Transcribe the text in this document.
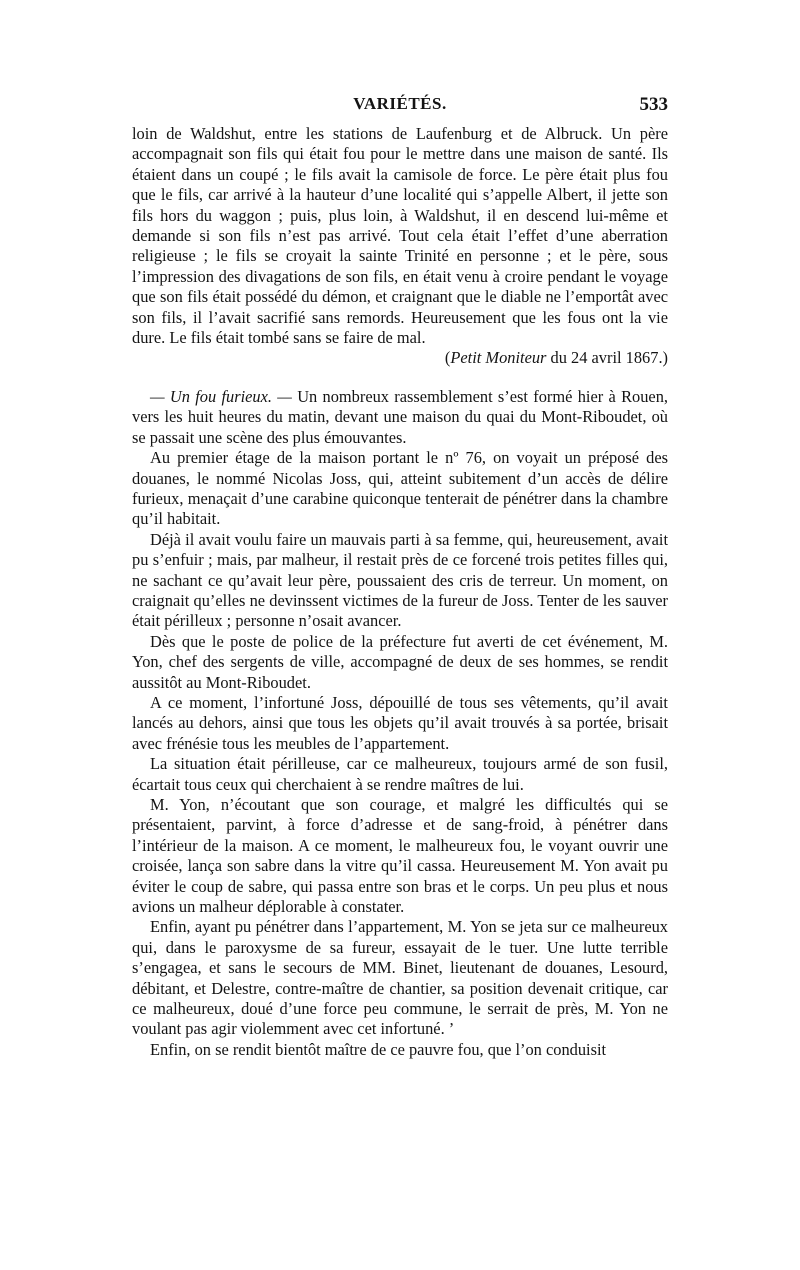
VARIÉTÉS.	533

loin de Waldshut, entre les stations de Laufenburg et de Albruck. Un père accompagnait son fils qui était fou pour le mettre dans une maison de santé. Ils étaient dans un coupé ; le fils avait la camisole de force. Le père était plus fou que le fils, car arrivé à la hauteur d’une localité qui s’appelle Albert, il jette son fils hors du waggon ; puis, plus loin, à Waldshut, il en descend lui-même et demande si son fils n’est pas arrivé. Tout cela était l’effet d’une aberration religieuse ; le fils se croyait la sainte Trinité en personne ; et le père, sous l’impression des divagations de son fils, en était venu à croire pendant le voyage que son fils était possédé du démon, et craignant que le diable ne l’emportât avec son fils, il l’avait sacrifié sans remords. Heureusement que les fous ont la vie dure. Le fils était tombé sans se faire de mal.

(Petit Moniteur du 24 avril 1867.)

— Un fou furieux. — Un nombreux rassemblement s’est formé hier à Rouen, vers les huit heures du matin, devant une maison du quai du Mont-Riboudet, où se passait une scène des plus émouvantes.

Au premier étage de la maison portant le nº 76, on voyait un préposé des douanes, le nommé Nicolas Joss, qui, atteint subitement d’un accès de délire furieux, menaçait d’une carabine quiconque tenterait de pénétrer dans la chambre qu’il habitait.

Déjà il avait voulu faire un mauvais parti à sa femme, qui, heureusement, avait pu s’enfuir ; mais, par malheur, il restait près de ce forcené trois petites filles qui, ne sachant ce qu’avait leur père, poussaient des cris de terreur. Un moment, on craignait qu’elles ne devinssent victimes de la fureur de Joss. Tenter de les sauver était périlleux ; personne n’osait avancer.

Dès que le poste de police de la préfecture fut averti de cet événement, M. Yon, chef des sergents de ville, accompagné de deux de ses hommes, se rendit aussitôt au Mont-Riboudet.

A ce moment, l’infortuné Joss, dépouillé de tous ses vêtements, qu’il avait lancés au dehors, ainsi que tous les objets qu’il avait trouvés à sa portée, brisait avec frénésie tous les meubles de l’appartement.

La situation était périlleuse, car ce malheureux, toujours armé de son fusil, écartait tous ceux qui cherchaient à se rendre maîtres de lui.

M. Yon, n’écoutant que son courage, et malgré les difficultés qui se présentaient, parvint, à force d’adresse et de sang-froid, à pénétrer dans l’intérieur de la maison. A ce moment, le malheureux fou, le voyant ouvrir une croisée, lança son sabre dans la vitre qu’il cassa. Heureusement M. Yon avait pu éviter le coup de sabre, qui passa entre son bras et le corps. Un peu plus et nous avions un malheur déplorable à constater.

Enfin, ayant pu pénétrer dans l’appartement, M. Yon se jeta sur ce malheureux qui, dans le paroxysme de sa fureur, essayait de le tuer. Une lutte terrible s’engagea, et sans le secours de MM. Binet, lieutenant de douanes, Lesourd, débitant, et Delestre, contre-maître de chantier, sa position devenait critique, car ce malheureux, doué d’une force peu commune, le serrait de près, M. Yon ne voulant pas agir violemment avec cet infortuné. ’

Enfin, on se rendit bientôt maître de ce pauvre fou, que l’on conduisit
